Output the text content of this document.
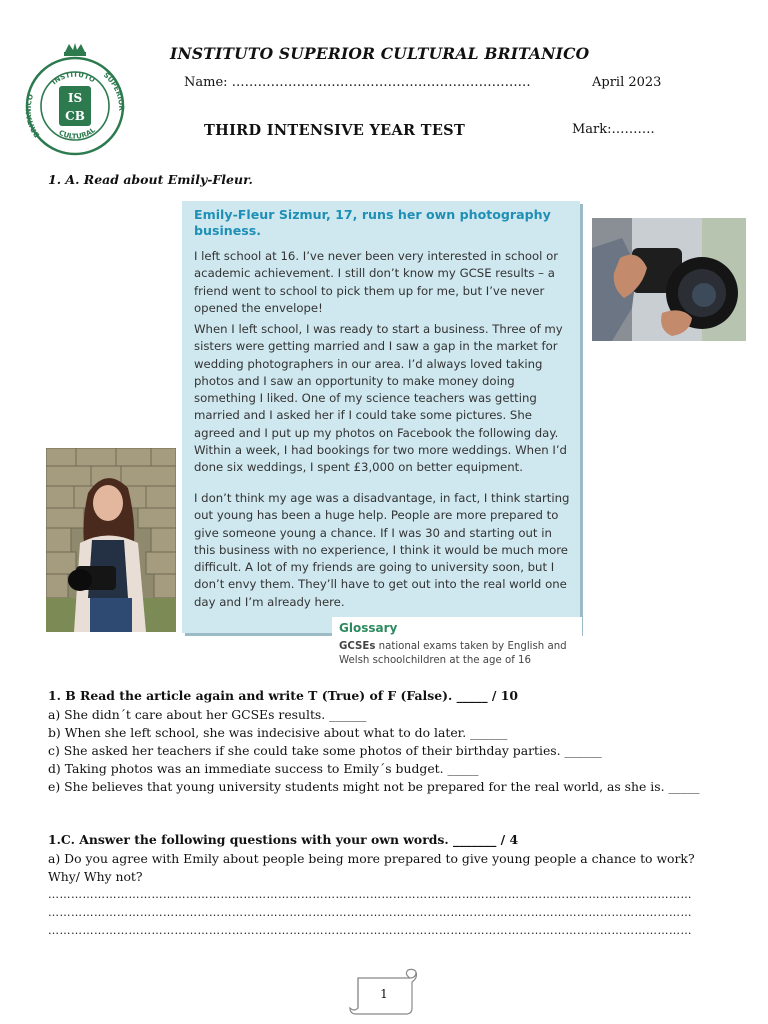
INSTITUTO
CULTURAL
BRITANICO
SUPERIOR
IS
CB
INSTITUTO SUPERIOR CULTURAL BRITANICO
Name: ……………………………………………………………	April 2023
THIRD INTENSIVE YEAR TEST	Mark:……….
1. A. Read about Emily-Fleur.
Emily-Fleur Sizmur, 17, runs her own photography business.
I left school at 16. I’ve never been very interested in school or academic achievement. I still don’t know my GCSE results – a friend went to school to pick them up for me, but I’ve never opened the envelope!
When I left school, I was ready to start a business. Three of my sisters were getting married and I saw a gap in the market for wedding photographers in our area. I’d always loved taking photos and I saw an opportunity to make money doing something I liked. One of my science teachers was getting married and I asked her if I could take some pictures. She agreed and I put up my photos on Facebook the following day. Within a week, I had bookings for two more weddings. When I’d done six weddings, I spent £3,000 on better equipment.
I don’t think my age was a disadvantage, in fact, I think starting out young has been a huge help. People are more prepared to give someone young a chance. If I was 30 and starting out in this business with no experience, I think it would be much more difficult. A lot of my friends are going to university soon, but I don’t envy them. They’ll have to get out into the real world one day and I’m already here.
Glossary
GCSEs national exams taken by English and Welsh schoolchildren at the age of 16
1. B Read the article again and write T (True) of F (False). _____ / 10
a) She didn´t care about her GCSEs results. ______
b) When she left school, she was indecisive about what to do later. ______
c) She asked her teachers if she could take some photos of their birthday parties. ______
d) Taking photos was an immediate success to Emily´s budget. _____
e) She believes that young university students might not be prepared for the real world, as she is. _____
1.C. Answer the following questions with your own words. _______ / 4
a) Do you agree with Emily about people being more prepared to give young people a chance to work? Why/ Why not?
……………………………………………………………………………………………………………………………………………………
……………………………………………………………………………………………………………………………………………………
……………………………………………………………………………………………………………………………………………………
1
